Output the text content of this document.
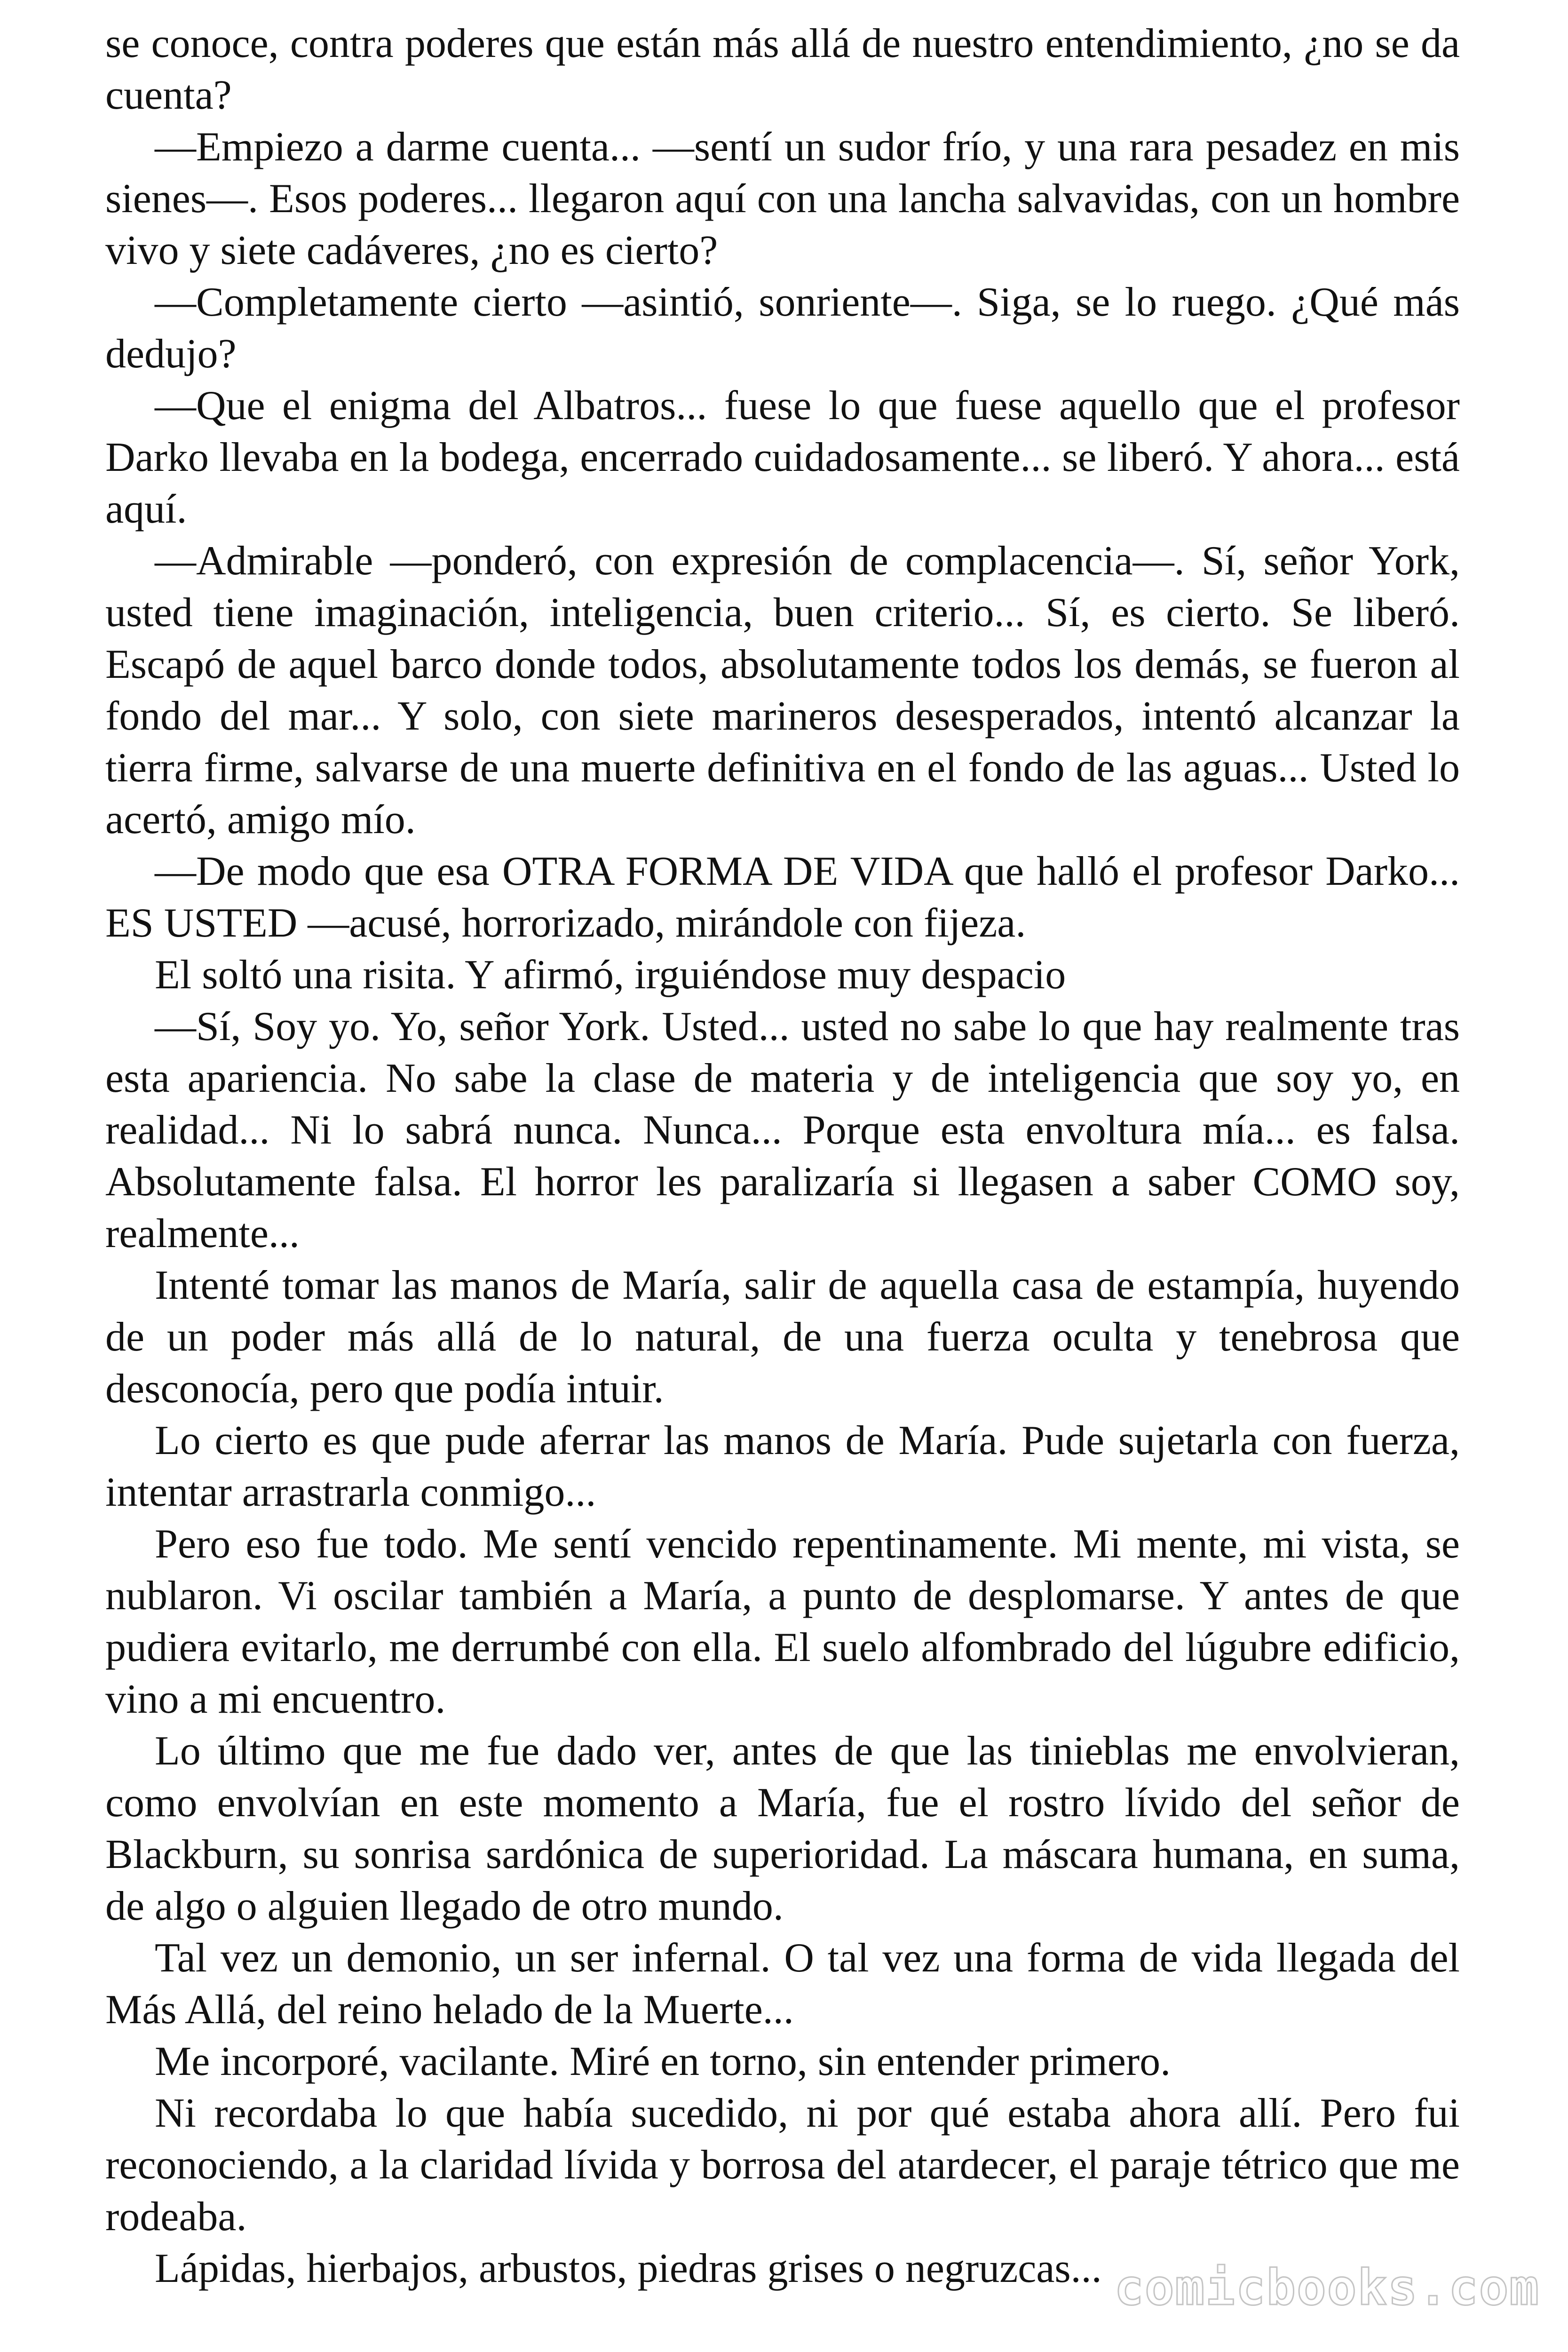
se conoce, contra poderes que están más allá de nuestro entendimiento, ¿no se da cuenta?

—Empiezo a darme cuenta... —sentí un sudor frío, y una rara pesadez en mis sienes—. Esos poderes... llegaron aquí con una lancha salvavidas, con un hombre vivo y siete cadáveres, ¿no es cierto?

—Completamente cierto —asintió, sonriente—. Siga, se lo ruego. ¿Qué más dedujo?

—Que el enigma del Albatros... fuese lo que fuese aquello que el profesor Darko llevaba en la bodega, encerrado cuidadosamente... se liberó. Y ahora... está aquí.

—Admirable —ponderó, con expresión de complacencia—. Sí, señor York, usted tiene imaginación, inteligencia, buen criterio... Sí, es cierto. Se liberó. Escapó de aquel barco donde todos, absolutamente todos los demás, se fueron al fondo del mar... Y solo, con siete marineros desesperados, intentó alcanzar la tierra firme, salvarse de una muerte definitiva en el fondo de las aguas... Usted lo acertó, amigo mío.

—De modo que esa OTRA FORMA DE VIDA que halló el profesor Darko... ES USTED —acusé, horrorizado, mirándole con fijeza.

El soltó una risita. Y afirmó, irguiéndose muy despacio

—Sí, Soy yo. Yo, señor York. Usted... usted no sabe lo que hay realmente tras esta apariencia. No sabe la clase de materia y de inteligencia que soy yo, en realidad... Ni lo sabrá nunca. Nunca... Porque esta envoltura mía... es falsa. Absolutamente falsa. El horror les paralizaría si llegasen a saber COMO soy, realmente...

Intenté tomar las manos de María, salir de aquella casa de estampía, huyendo de un poder más allá de lo natural, de una fuerza oculta y tenebrosa que desconocía, pero que podía intuir.

Lo cierto es que pude aferrar las manos de María. Pude sujetarla con fuerza, intentar arrastrarla conmigo...

Pero eso fue todo. Me sentí vencido repentinamente. Mi mente, mi vista, se nublaron. Vi oscilar también a María, a punto de desplomarse. Y antes de que pudiera evitarlo, me derrumbé con ella. El suelo alfombrado del lúgubre edificio, vino a mi encuentro.

Lo último que me fue dado ver, antes de que las tinieblas me envolvieran, como envolvían en este momento a María, fue el rostro lívido del señor de Blackburn, su sonrisa sardónica de superioridad. La máscara humana, en suma, de algo o alguien llegado de otro mundo.

Tal vez un demonio, un ser infernal. O tal vez una forma de vida llegada del Más Allá, del reino helado de la Muerte...

Me incorporé, vacilante. Miré en torno, sin entender primero.

Ni recordaba lo que había sucedido, ni por qué estaba ahora allí. Pero fui reconociendo, a la claridad lívida y borrosa del atardecer, el paraje tétrico que me rodeaba.

Lápidas, hierbajos, arbustos, piedras grises o negruzcas... comicbooks.com
